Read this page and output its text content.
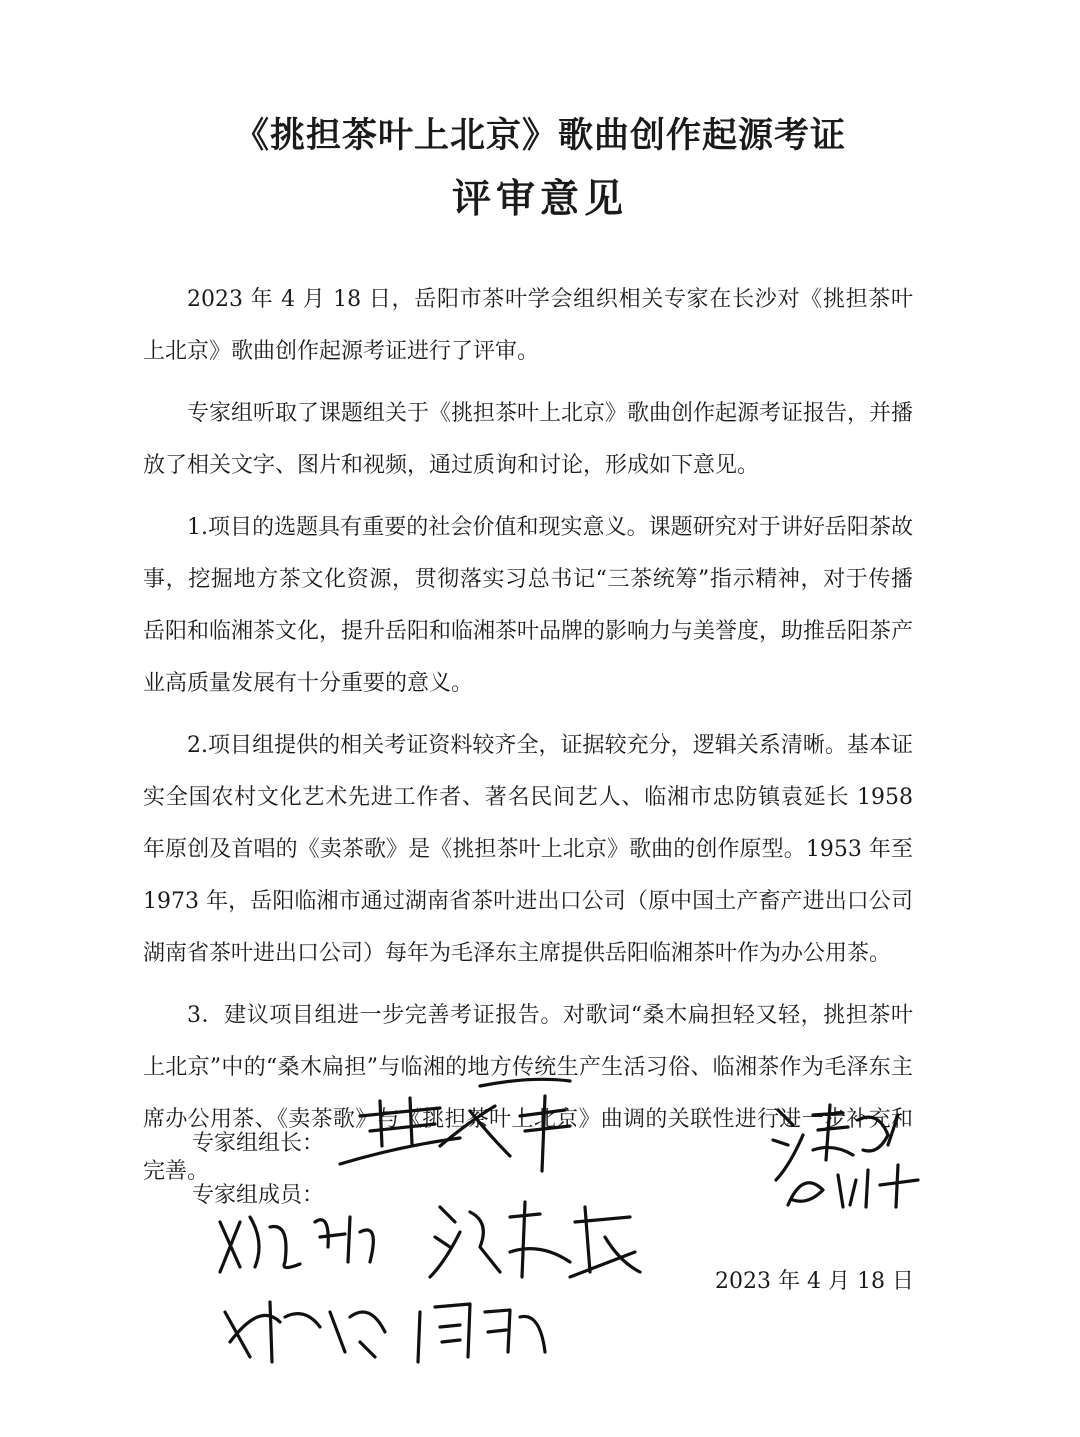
《挑担茶叶上北京》歌曲创作起源考证
评审意见

2023 年 4 月 18 日，岳阳市茶叶学会组织相关专家在长沙对《挑担茶叶上北京》歌曲创作起源考证进行了评审。

专家组听取了课题组关于《挑担茶叶上北京》歌曲创作起源考证报告，并播放了相关文字、图片和视频，通过质询和讨论，形成如下意见。

1.项目的选题具有重要的社会价值和现实意义。课题研究对于讲好岳阳茶故事，挖掘地方茶文化资源，贯彻落实习总书记“三茶统筹”指示精神，对于传播岳阳和临湘茶文化，提升岳阳和临湘茶叶品牌的影响力与美誉度，助推岳阳茶产业高质量发展有十分重要的意义。

2.项目组提供的相关考证资料较齐全，证据较充分，逻辑关系清晰。基本证实全国农村文化艺术先进工作者、著名民间艺人、临湘市忠防镇袁延长 1958 年原创及首唱的《卖茶歌》是《挑担茶叶上北京》歌曲的创作原型。1953 年至 1973 年，岳阳临湘市通过湖南省茶叶进出口公司（原中国土产畜产进出口公司湖南省茶叶进出口公司）每年为毛泽东主席提供岳阳临湘茶叶作为办公用茶。

3．建议项目组进一步完善考证报告。对歌词“桑木扁担轻又轻，挑担茶叶上北京”中的“桑木扁担”与临湘的地方传统生产生活习俗、临湘茶作为毛泽东主席办公用茶、《卖茶歌》与《挑担茶叶上北京》曲调的关联性进行进一步补充和完善。

专家组组长：
专家组成员：
2023 年 4 月 18 日
